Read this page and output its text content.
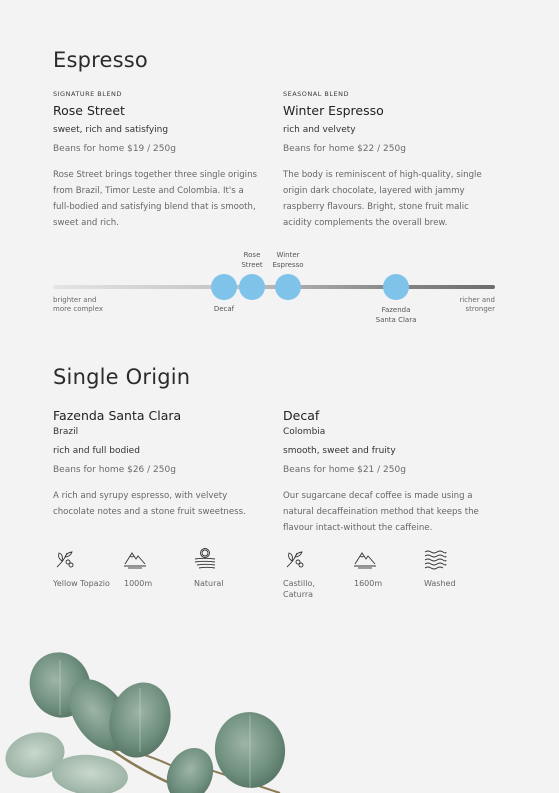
Espresso
SIGNATURE BLEND
Rose Street
sweet, rich and satisfying
Beans for home $19 / 250g
Rose Street brings together three single origins from Brazil, Timor Leste and Colombia. It's a full-bodied and satisfying blend that is smooth, sweet and rich.
SEASONAL BLEND
Winter Espresso
rich and velvety
Beans for home $22 / 250g
The body is reminiscent of high-quality, single origin dark chocolate, layered with jammy raspberry flavours. Bright, stone fruit malic acidity complements the overall brew.
brighter and
more complex
richer and
stronger
Decaf
Rose
Street
Winter
Espresso
Fazenda
Santa Clara
Single Origin
Fazenda Santa Clara
Brazil
rich and full bodied
Beans for home $26 / 250g
A rich and syrupy espresso, with velvety chocolate notes and a stone fruit sweetness.
Decaf
Colombia
smooth, sweet and fruity
Beans for home $21 / 250g
Our sugarcane decaf coffee is made using a natural decaffeination method that keeps the flavour intact-without the caffeine.
Yellow Topazio 1000m	Natural	Castillo,
Caturra
1600m	Washed
